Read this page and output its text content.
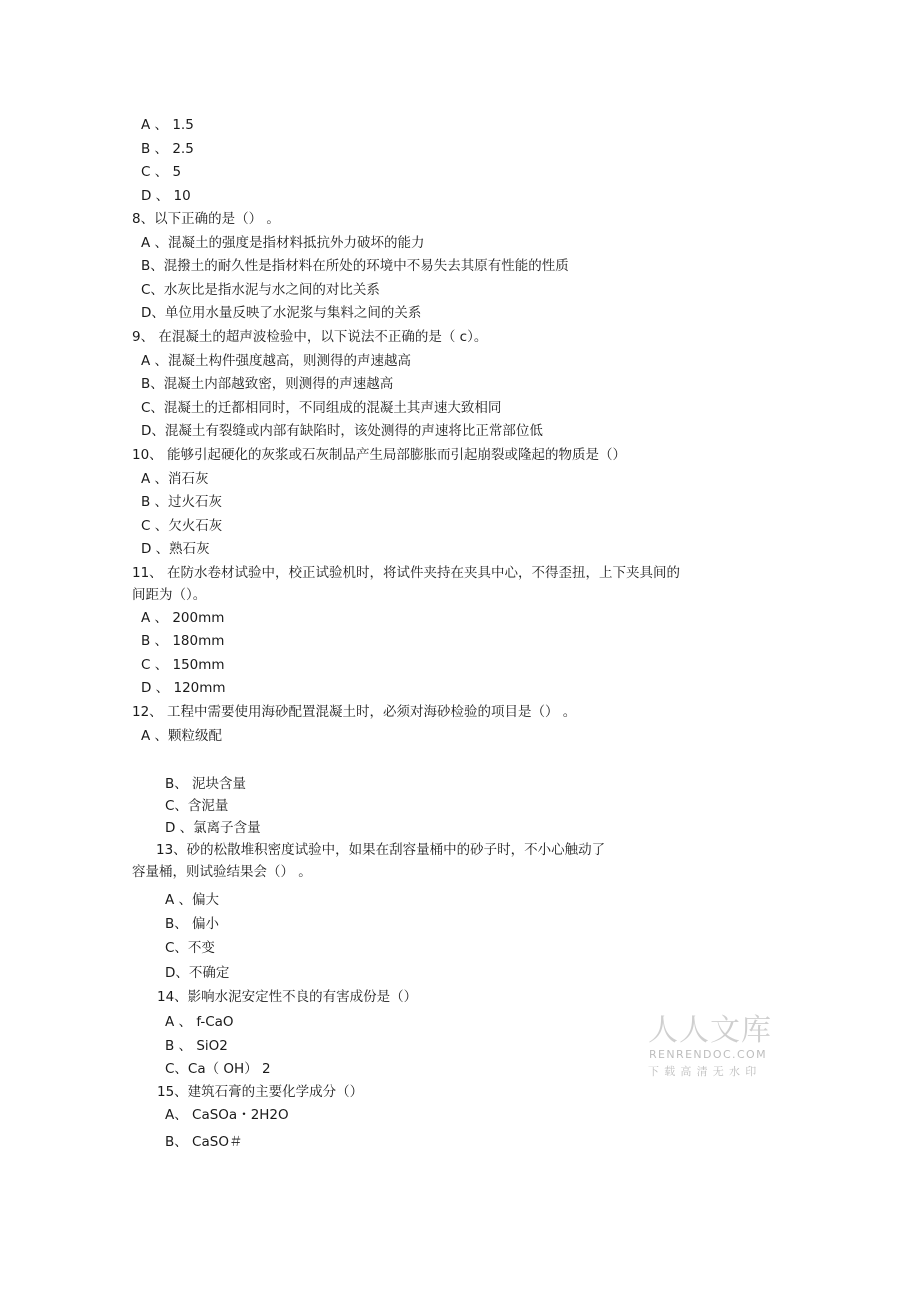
A 、 1.5
B 、 2.5
C 、 5
D 、 10
8、以下正确的是（） 。
A 、混凝土的强度是指材料抵抗外力破坏的能力
B、混撥土的耐久性是指材料在所处的环境中不易失去其原有性能的性质
C、水灰比是指水泥与水之间的对比关系
D、单位用水量反映了水泥浆与集料之间的关系
9、 在混凝土的超声波检验中，以下说法不正确的是（ c）。
A 、混凝土构件强度越高，则测得的声速越高
B、混凝土内部越致密，则测得的声速越高
C、混凝土的迁都相同时，不同组成的混凝土其声速大致相同
D、混凝土有裂缝或内部有缺陷时，该处测得的声速将比正常部位低
10、 能够引起硬化的灰浆或石灰制品产生局部膨胀而引起崩裂或隆起的物质是（）
A 、消石灰
B 、过火石灰
C 、欠火石灰
D 、熟石灰
11、 在防水卷材试验中，校正试验机时，将试件夹持在夹具中心，不得歪扭，上下夹具间的
间距为（）。
A 、 200mm
B 、 180mm
C 、 150mm
D 、 120mm
12、 工程中需要使用海砂配置混凝土时，必须对海砂检验的项目是（） 。
A 、颗粒级配
B、 泥块含量
C、含泥量
D 、氯离子含量
13、砂的松散堆积密度试验中，如果在刮容量桶中的砂子时，不小心触动了
容量桶，则试验结果会（） 。
A 、偏大
B、 偏小
C、不变
D、不确定
14、影响水泥安定性不良的有害成份是（）
A 、 f-CaO
B 、 SiO2
C、Ca（ OH） 2
15、建筑石膏的主要化学成分（）
A、 CaSOa・2H2O
B、 CaSO＃
人人文库
RENRENDOC.COM
下载高清无水印
